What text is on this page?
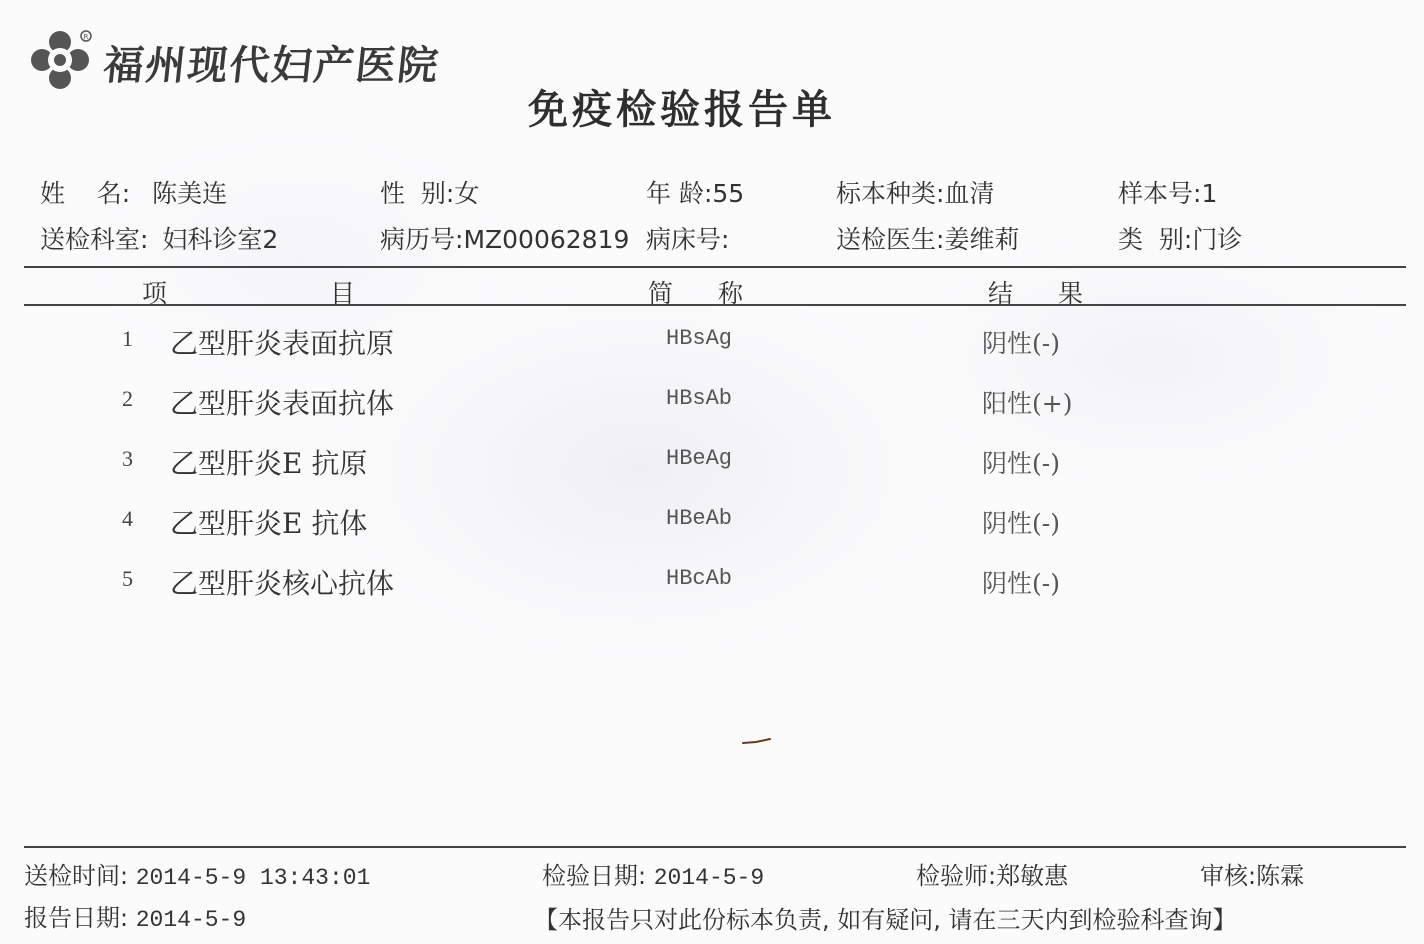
R
福州现代妇产医院
免疫检验报告单
姓    名: 陈美连	性  别:女	年 龄:55	标本种类:血清	样本号:1
送检科室: 妇科诊室2	病历号:MZ00062819 病床号:	送检医生:姜维莉	类  别:门诊
项	目	简 称	结 果
1 乙型肝炎表面抗原	HBsAg	阴性(-)
2 乙型肝炎表面抗体	HBsAb	阳性(+)
3 乙型肝炎E 抗原	HBeAg	阴性(-)
4 乙型肝炎E 抗体	HBeAb	阴性(-)
5 乙型肝炎核心抗体	HBcAb	阴性(-)
送检时间: 2014-5-9 13:43:01	检验日期: 2014-5-9	检验师:郑敏惠	审核:陈霖
报告日期: 2014-5-9	【本报告只对此份标本负责, 如有疑问, 请在三天内到检验科查询】
